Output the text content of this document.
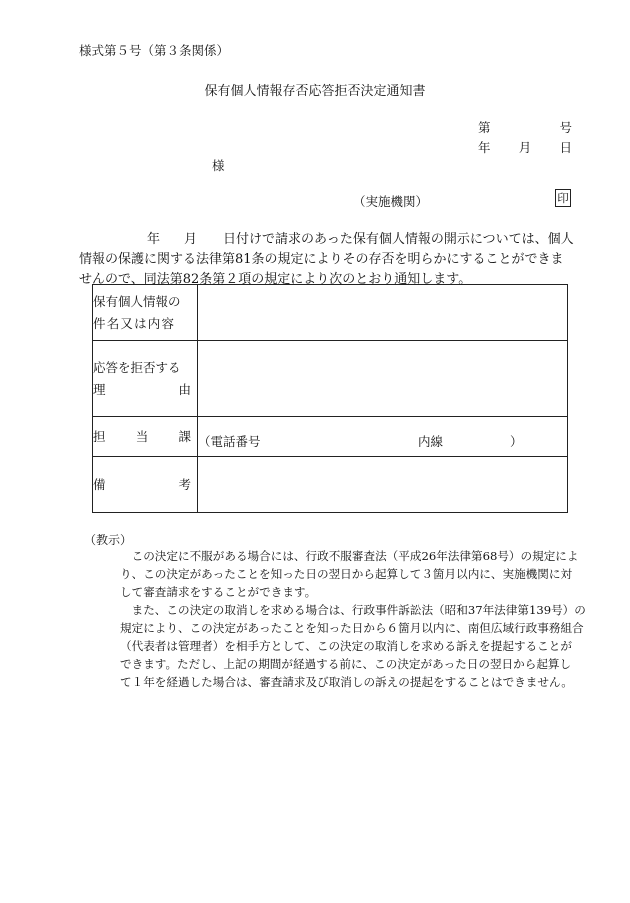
様式第５号（第３条関係）
保有個人情報存否応答拒否決定通知書
第	号
年 月 日
様
（実施機関）	印
年 月 日付けで請求のあった保有個人情報の開示については、個人
情報の保護に関する法律第81条の規定によりその存否を明らかにすることができま
せんので、同法第82条第２項の規定により次のとおり通知します。
保有個人情報の
件名又は内容	

応答を拒否する
理 由	

担 当 課	（電話番号 内線 ）

備 考	

（教示）
　この決定に不服がある場合には、行政不服審査法（平成26年法律第68号）の規定によ
り、この決定があったことを知った日の翌日から起算して３箇月以内に、実施機関に対
して審査請求をすることができます。
　また、この決定の取消しを求める場合は、行政事件訴訟法（昭和37年法律第139号）の
規定により、この決定があったことを知った日から６箇月以内に、南但広域行政事務組合
（代表者は管理者）を相手方として、この決定の取消しを求める訴えを提起することが
できます。ただし、上記の期間が経過する前に、この決定があった日の翌日から起算し
て１年を経過した場合は、審査請求及び取消しの訴えの提起をすることはできません。
